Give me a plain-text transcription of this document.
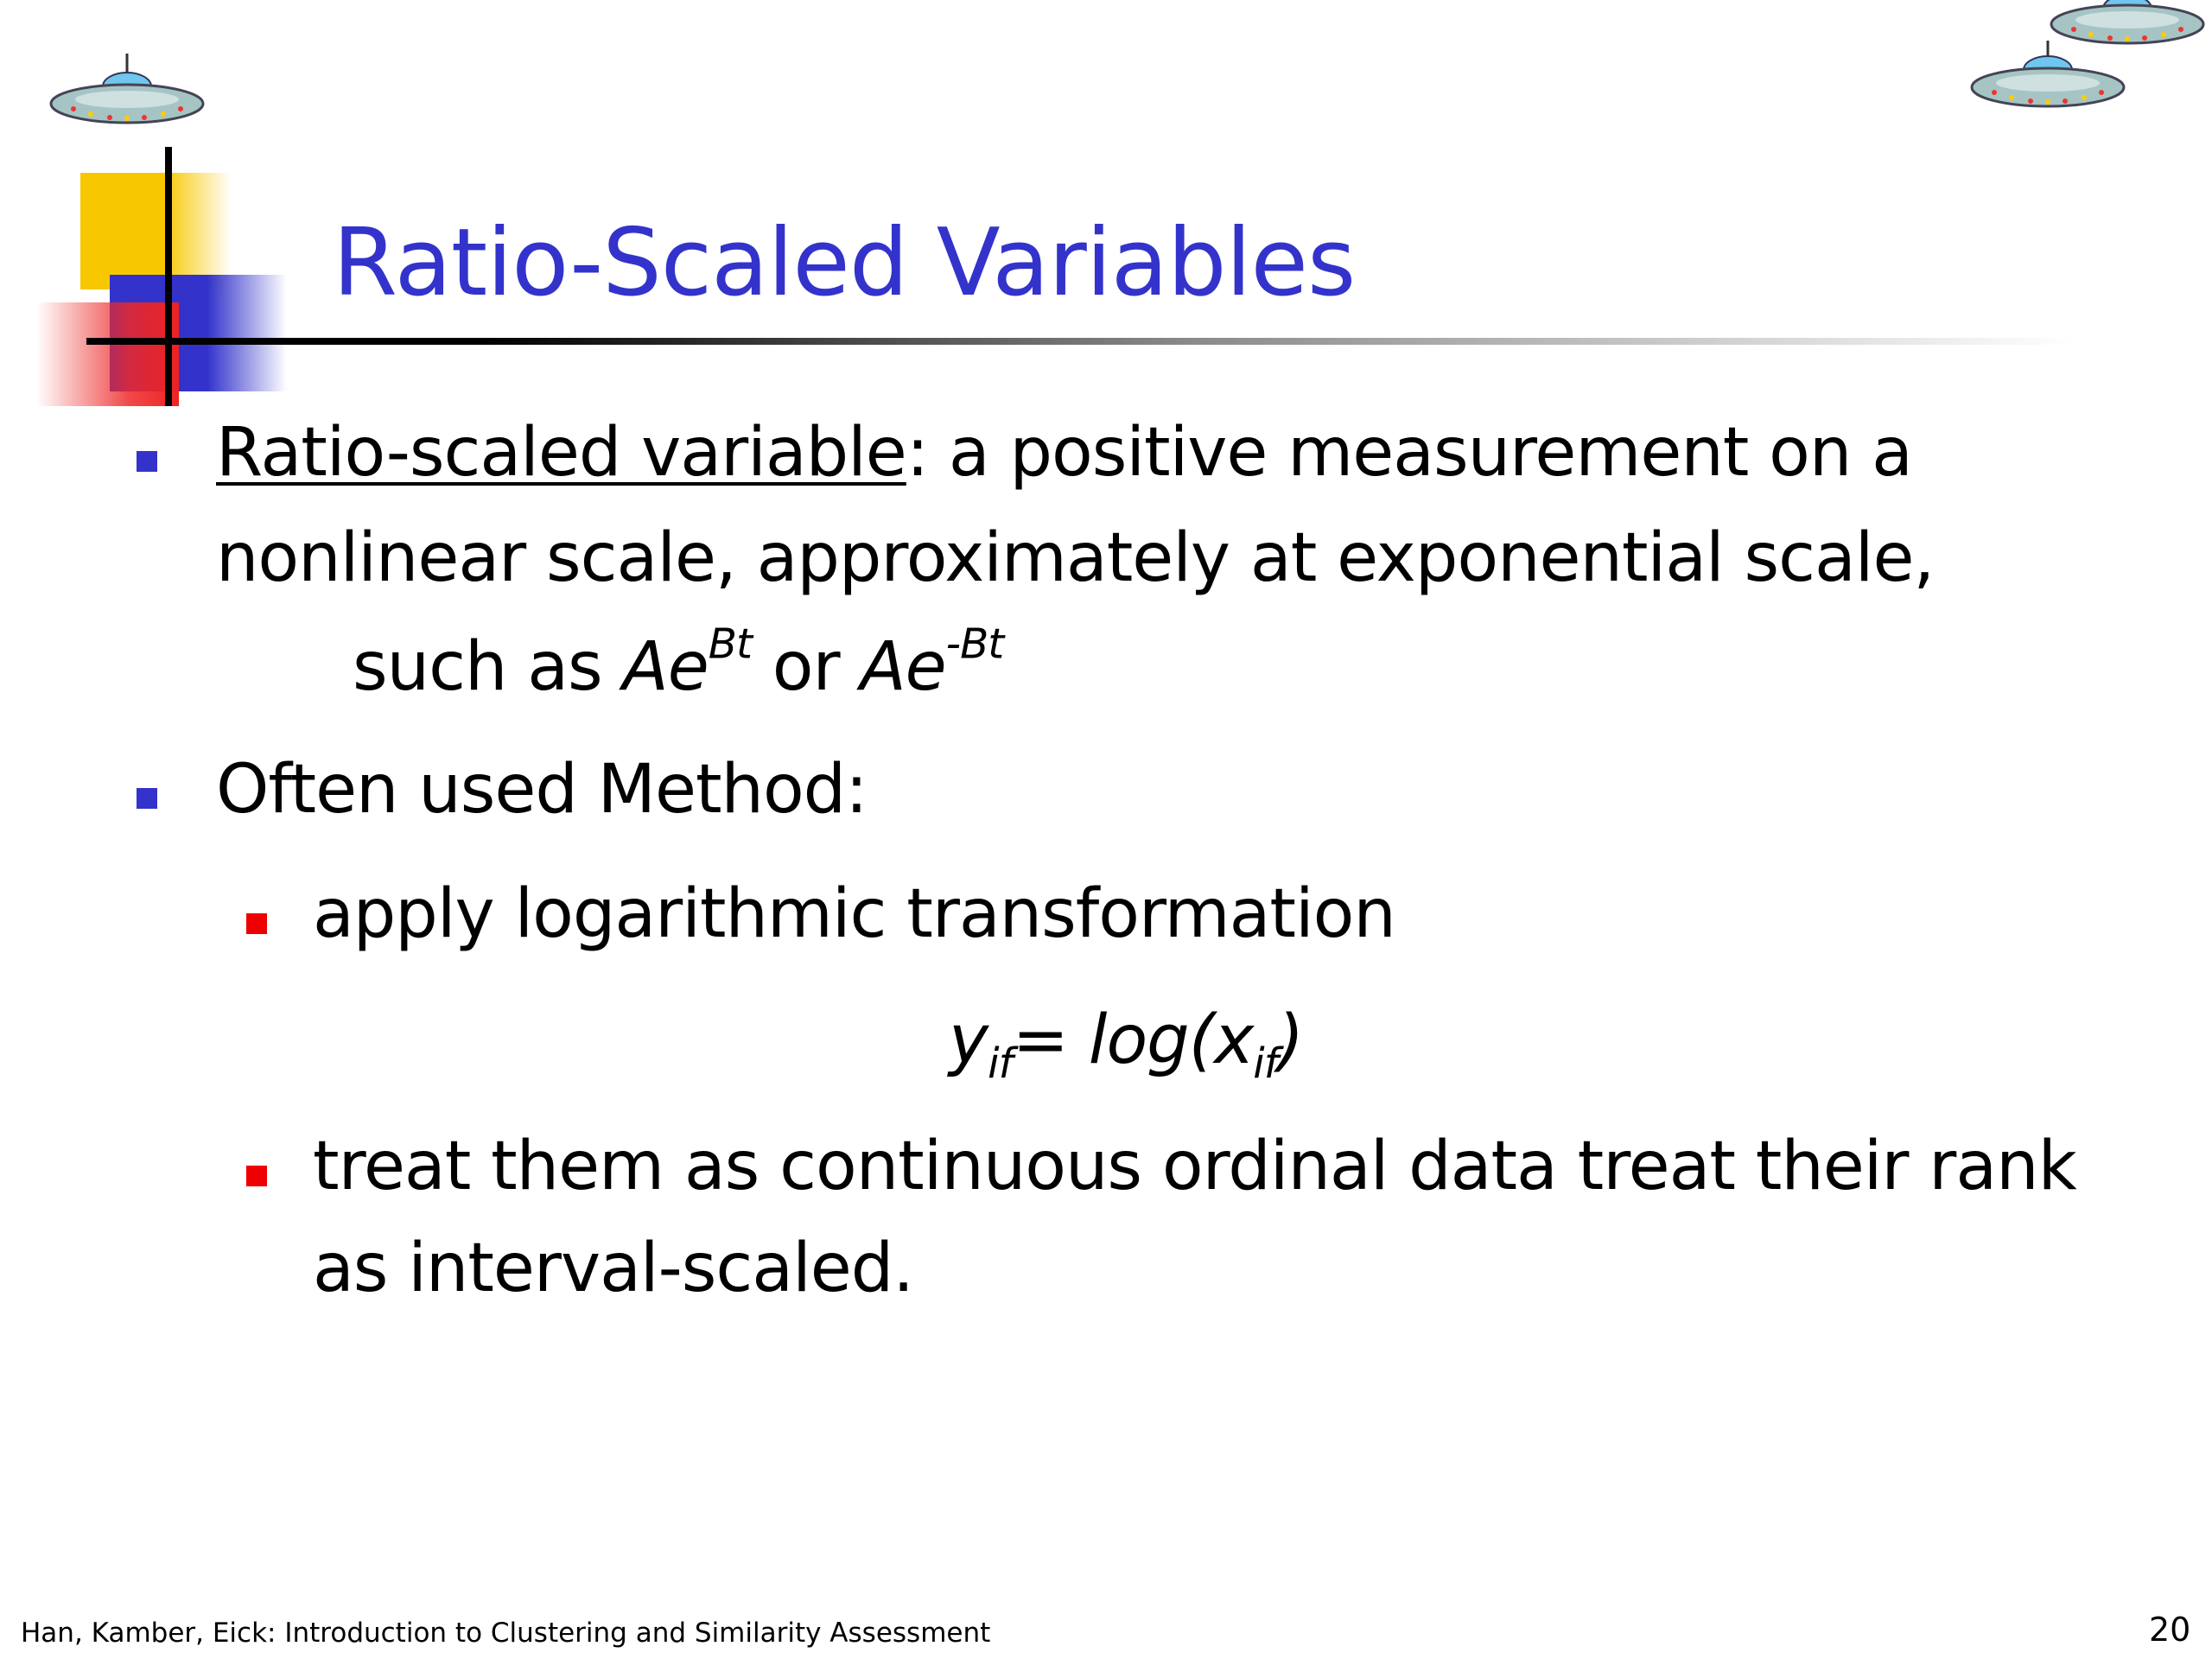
Ratio-Scaled Variables
Ratio-scaled variable: a positive measurement on a
nonlinear scale, approximately at exponential scale,
such as $Ae^{Bt}$ or $Ae^{-Bt}$
Often used Method:
apply logarithmic transformation
$y_{if}= \log(x_{if})$
treat them as continuous ordinal data treat their rank
as interval-scaled.
Han, Kamber, Eick: Introduction to Clustering and Similarity Assessment	20
